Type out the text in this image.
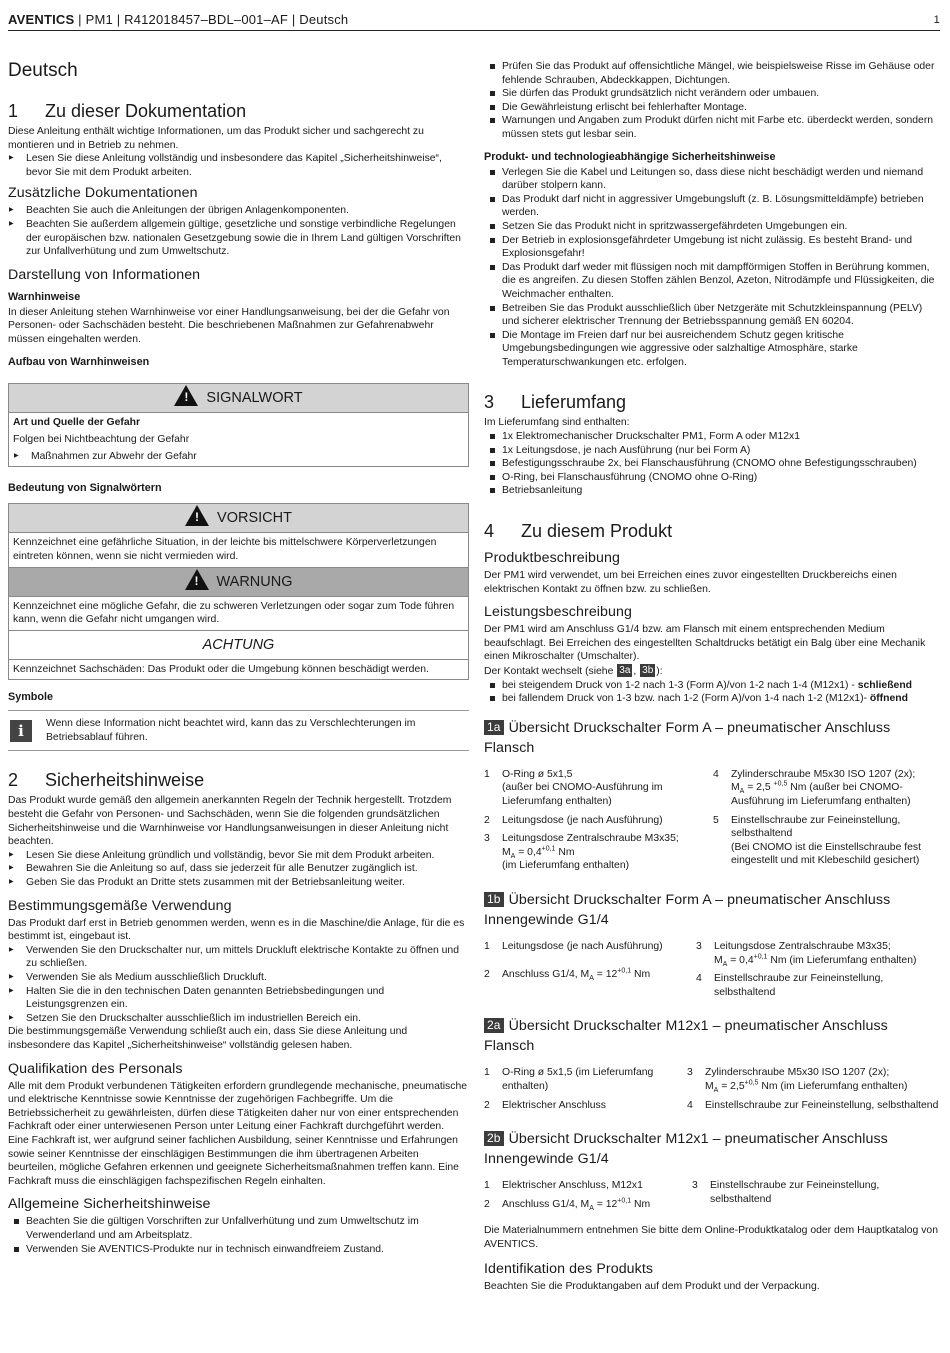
AVENTICS | PM1 | R412018457–BDL–001–AF | Deutsch	1
Deutsch
1 Zu dieser Dokumentation

Diese Anleitung enthält wichtige Informationen, um das Produkt sicher und sachgerecht zu montieren und in Betrieb zu nehmen.

▶ Lesen Sie diese Anleitung vollständig und insbesondere das Kapitel „Sicherheitshinweise“, bevor Sie mit dem Produkt arbeiten.
Zusätzliche Dokumentationen
▶ Beachten Sie auch die Anleitungen der übrigen Anlagenkomponenten.
▶ Beachten Sie außerdem allgemein gültige, gesetzliche und sonstige verbindliche Regelungen der europäischen bzw. nationalen Gesetzgebung sowie die in Ihrem Land gültigen Vorschriften zur Unfallverhütung und zum Umweltschutz.
Darstellung von Informationen
Warnhinweise

In dieser Anleitung stehen Warnhinweise vor einer Handlungsanweisung, bei der die Gefahr von Personen- oder Sachschäden besteht. Die beschriebenen Maßnahmen zur Gefahrenabwehr müssen eingehalten werden.

Aufbau von Warnhinweisen
! SIGNALWORT

Art und Quelle der Gefahr

Folgen bei Nichtbeachtung der Gefahr

▶ Maßnahmen zur Abwehr der Gefahr
Bedeutung von Signalwörtern
! VORSICHT
Kennzeichnet eine gefährliche Situation, in der leichte bis mittelschwere Körperverletzungen eintreten können, wenn sie nicht vermieden wird.
! WARNUNG
Kennzeichnet eine mögliche Gefahr, die zu schweren Verletzungen oder sogar zum Tode führen kann, wenn die Gefahr nicht umgangen wird.
ACHTUNG
Kennzeichnet Sachschäden: Das Produkt oder die Umgebung können beschädigt werden.
Symbole
i	Wenn diese Information nicht beachtet wird, kann das zu Verschlechterungen im Betriebsablauf führen.

2 Sicherheitshinweise

Das Produkt wurde gemäß den allgemein anerkannten Regeln der Technik hergestellt. Trotzdem besteht die Gefahr von Personen- und Sachschäden, wenn Sie die folgenden grundsätzlichen Sicherheitshinweise und die Warnhinweise vor Handlungsanweisungen in dieser Anleitung nicht beachten.

▶ Lesen Sie diese Anleitung gründlich und vollständig, bevor Sie mit dem Produkt arbeiten.
▶ Bewahren Sie die Anleitung so auf, dass sie jederzeit für alle Benutzer zugänglich ist.
▶ Geben Sie das Produkt an Dritte stets zusammen mit der Betriebsanleitung weiter.
Bestimmungsgemäße Verwendung

Das Produkt darf erst in Betrieb genommen werden, wenn es in die Maschine/die Anlage, für die es bestimmt ist, eingebaut ist.

▶ Verwenden Sie den Druckschalter nur, um mittels Druckluft elektrische Kontakte zu öffnen und zu schließen.
▶ Verwenden Sie als Medium ausschließlich Druckluft.
▶ Halten Sie die in den technischen Daten genannten Betriebsbedingungen und Leistungsgrenzen ein.
▶ Setzen Sie den Druckschalter ausschließlich im industriellen Bereich ein.

Die bestimmungsgemäße Verwendung schließt auch ein, dass Sie diese Anleitung und insbesondere das Kapitel „Sicherheitshinweise“ vollständig gelesen haben.

Qualifikation des Personals

Alle mit dem Produkt verbundenen Tätigkeiten erfordern grundlegende mechanische, pneumatische und elektrische Kenntnisse sowie Kenntnisse der zugehörigen Fachbegriffe. Um die Betriebssicherheit zu gewährleisten, dürfen diese Tätigkeiten daher nur von einer entsprechenden Fachkraft oder einer unterwiesenen Person unter Leitung einer Fachkraft durchgeführt werden.

Eine Fachkraft ist, wer aufgrund seiner fachlichen Ausbildung, seiner Kenntnisse und Erfahrungen sowie seiner Kenntnisse der einschlägigen Bestimmungen die ihm übertragenen Arbeiten beurteilen, mögliche Gefahren erkennen und geeignete Sicherheitsmaßnahmen treffen kann. Eine Fachkraft muss die einschlägigen fachspezifischen Regeln einhalten.

Allgemeine Sicherheitshinweise
Beachten Sie die gültigen Vorschriften zur Unfallverhütung und zum Umweltschutz im Verwenderland und am Arbeitsplatz.
Verwenden Sie AVENTICS-Produkte nur in technisch einwandfreiem Zustand.
Prüfen Sie das Produkt auf offensichtliche Mängel, wie beispielsweise Risse im Gehäuse oder fehlende Schrauben, Abdeckkappen, Dichtungen.
Sie dürfen das Produkt grundsätzlich nicht verändern oder umbauen.
Die Gewährleistung erlischt bei fehlerhafter Montage.
Warnungen und Angaben zum Produkt dürfen nicht mit Farbe etc. überdeckt werden, sondern müssen stets gut lesbar sein.
Produkt- und technologieabhängige Sicherheitshinweise
Verlegen Sie die Kabel und Leitungen so, dass diese nicht beschädigt werden und niemand darüber stolpern kann.
Das Produkt darf nicht in aggressiver Umgebungsluft (z. B. Lösungsmitteldämpfe) betrieben werden.
Setzen Sie das Produkt nicht in spritzwassergefährdeten Umgebungen ein.
Der Betrieb in explosionsgefährdeter Umgebung ist nicht zulässig. Es besteht Brand- und Explosionsgefahr!
Das Produkt darf weder mit flüssigen noch mit dampfförmigen Stoffen in Berührung kommen, die es angreifen. Zu diesen Stoffen zählen Benzol, Azeton, Nitrodämpfe und Flüssigkeiten, die Weichmacher enthalten.
Betreiben Sie das Produkt ausschließlich über Netzgeräte mit Schutzkleinspannung (PELV) und sicherer elektrischer Trennung der Betriebsspannung gemäß EN 60204.
Die Montage im Freien darf nur bei ausreichendem Schutz gegen kritische Umgebungsbedingungen wie aggressive oder salzhaltige Atmosphäre, starke Temperaturschwankungen etc. erfolgen.
3 Lieferumfang

Im Lieferumfang sind enthalten:

1x Elektromechanischer Druckschalter PM1, Form A oder M12x1
1x Leitungsdose, je nach Ausführung (nur bei Form A)
Befestigungsschraube 2x, bei Flanschausführung (CNOMO ohne Befestigungsschrauben)
O-Ring, bei Flanschausführung (CNOMO ohne O-Ring)
Betriebsanleitung
4 Zu diesem Produkt
Produktbeschreibung

Der PM1 wird verwendet, um bei Erreichen eines zuvor eingestellten Druckbereichs einen elektrischen Kontakt zu öffnen bzw. zu schließen.

Leistungsbeschreibung

Der PM1 wird am Anschluss G1/4 bzw. am Flansch mit einem entsprechenden Medium beaufschlagt. Bei Erreichen des eingestellten Schaltdrucks betätigt ein Balg über eine Mechanik einen Mikroschalter (Umschalter).

Der Kontakt wechselt (siehe 3a , 3b ):

bei steigendem Druck von 1-2 nach 1-3 (Form A)/von 1-2 nach 1-4 (M12x1) - schließend
bei fallendem Druck von 1-3 bzw. nach 1-2 (Form A)/von 1-4 nach 1-2 (M12x1)- öffnend
1a Übersicht Druckschalter Form A – pneumatischer Anschluss Flansch
1	O-Ring ø 5x1,5
(außer bei CNOMO-Ausführung im Lieferumfang enthalten)
2	Leitungsdose (je nach Ausführung)
3	Leitungsdose Zentralschraube M3x35;
$M_A = 0,4^{+0,1}$ Nm
(im Lieferumfang enthalten)
4	Zylinderschraube M5x30 ISO 1207 (2x);
$M_A = 2,5$ $^{+0,5}$ Nm (außer bei CNOMO-Ausführung im Lieferumfang enthalten)
5	Einstellschraube zur Feineinstellung, selbsthaltend
(Bei CNOMO ist die Einstellschraube fest eingestellt und mit Klebeschild gesichert)
1b Übersicht Druckschalter Form A – pneumatischer Anschluss Innengewinde G1/4
1	Leitungsdose (je nach Ausführung)
2	Anschluss G1/4, $M_A = 12^{+0,1}$ Nm
3	Leitungsdose Zentralschraube M3x35;
$M_A = 0,4^{+0,1}$ Nm (im Lieferumfang enthalten)
4	Einstellschraube zur Feineinstellung, selbsthaltend
2a Übersicht Druckschalter M12x1 – pneumatischer Anschluss Flansch
1	O-Ring ø 5x1,5 (im Lieferumfang enthalten)
2	Elektrischer Anschluss
3	Zylinderschraube M5x30 ISO 1207 (2x);
$M_A = 2,5^{+0,5}$ Nm (im Lieferumfang enthalten)
4	Einstellschraube zur Feineinstellung, selbsthaltend
2b Übersicht Druckschalter M12x1 – pneumatischer Anschluss Innengewinde G1/4
1	Elektrischer Anschluss, M12x1
2	Anschluss G1/4, $M_A = 12^{+0,1}$ Nm
3	Einstellschraube zur Feineinstellung, selbsthaltend

Die Materialnummern entnehmen Sie bitte dem Online-Produktkatalog oder dem Hauptkatalog von AVENTICS.

Identifikation des Produkts

Beachten Sie die Produktangaben auf dem Produkt und der Verpackung.
